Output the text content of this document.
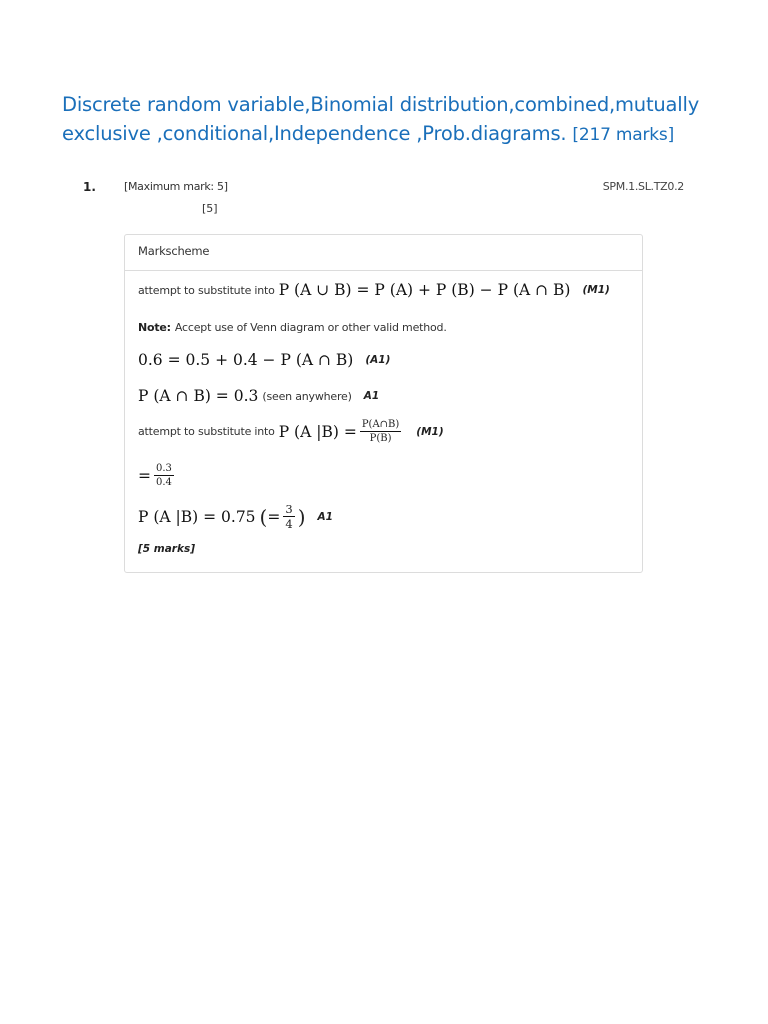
Discrete random variable,Binomial distribution,combined,mutually exclusive ,conditional,Independence ,Prob.diagrams. [217 marks]
1.	[Maximum mark: 5]	SPM.1.SL.TZ0.2
[5]
Markscheme
attempt to substitute into P (A ∪ B) = P (A) + P (B) − P (A ∩ B) (M1)
Note: Accept use of Venn diagram or other valid method.
0.6 = 0.5 + 0.4 − P (A ∩ B) (A1)
P (A ∩ B) = 0.3 (seen anywhere) A1
attempt to substitute into P (A $|B) = \frac{P(A\cap B)}{P(B)} (M1)$
= $\frac{0.3}{0.4}$
P (A |B) = 0.75 ( = $\frac{3}{4}$ ) A1
[5 marks]
